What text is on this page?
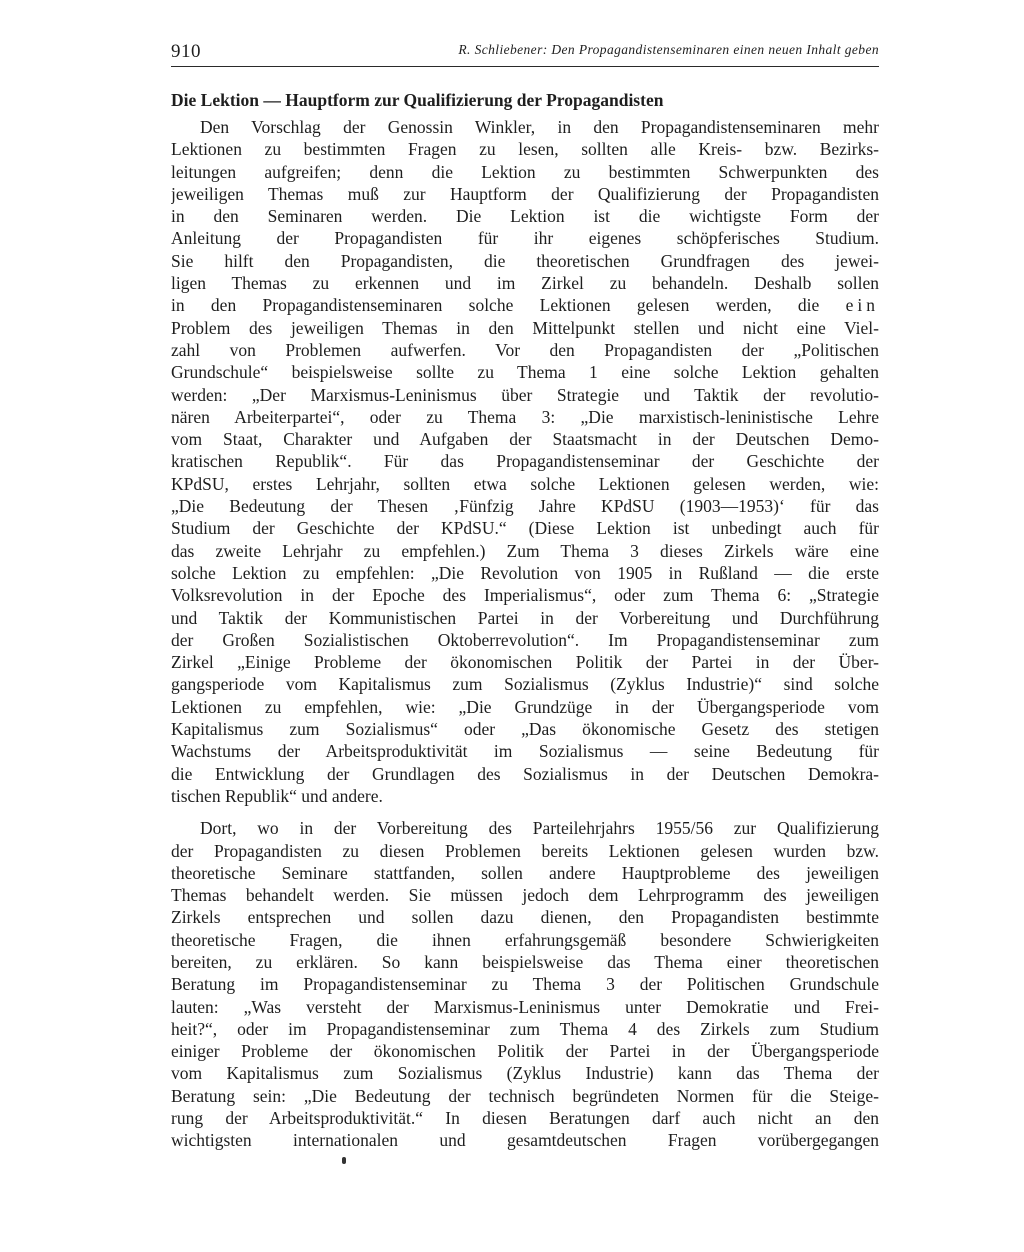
910	R. Schliebener: Den Propagandistenseminaren einen neuen Inhalt geben
Die Lektion — Hauptform zur Qualifizierung der Propagandisten
Den Vorschlag der Genossin Winkler, in den Propagandistenseminaren mehr
Lektionen zu bestimmten Fragen zu lesen, sollten alle Kreis- bzw. Bezirks-
leitungen aufgreifen; denn die Lektion zu bestimmten Schwerpunkten des
jeweiligen Themas muß zur Hauptform der Qualifizierung der Propagandisten
in den Seminaren werden. Die Lektion ist die wichtigste Form der
Anleitung der Propagandisten für ihr eigenes schöpferisches Studium.
Sie hilft den Propagandisten, die theoretischen Grundfragen des jewei-
ligen Themas zu erkennen und im Zirkel zu behandeln. Deshalb sollen
in den Propagandistenseminaren solche Lektionen gelesen werden, die ein
Problem des jeweiligen Themas in den Mittelpunkt stellen und nicht eine Viel-
zahl von Problemen aufwerfen. Vor den Propagandisten der „Politischen
Grundschule“ beispielsweise sollte zu Thema 1 eine solche Lektion gehalten
werden: „Der Marxismus-Leninismus über Strategie und Taktik der revolutio-
nären Arbeiterpartei“, oder zu Thema 3: „Die marxistisch-leninistische Lehre
vom Staat, Charakter und Aufgaben der Staatsmacht in der Deutschen Demo-
kratischen Republik“. Für das Propagandistenseminar der Geschichte der
KPdSU, erstes Lehrjahr, sollten etwa solche Lektionen gelesen werden, wie:
„Die Bedeutung der Thesen ‚Fünfzig Jahre KPdSU (1903—1953)‘ für das
Studium der Geschichte der KPdSU.“ (Diese Lektion ist unbedingt auch für
das zweite Lehrjahr zu empfehlen.) Zum Thema 3 dieses Zirkels wäre eine
solche Lektion zu empfehlen: „Die Revolution von 1905 in Rußland — die erste
Volksrevolution in der Epoche des Imperialismus“, oder zum Thema 6: „Strategie
und Taktik der Kommunistischen Partei in der Vorbereitung und Durchführung
der Großen Sozialistischen Oktoberrevolution“. Im Propagandistenseminar zum
Zirkel „Einige Probleme der ökonomischen Politik der Partei in der Über-
gangsperiode vom Kapitalismus zum Sozialismus (Zyklus Industrie)“ sind solche
Lektionen zu empfehlen, wie: „Die Grundzüge in der Übergangsperiode vom
Kapitalismus zum Sozialismus“ oder „Das ökonomische Gesetz des stetigen
Wachstums der Arbeitsproduktivität im Sozialismus — seine Bedeutung für
die Entwicklung der Grundlagen des Sozialismus in der Deutschen Demokra-
tischen Republik“ und andere.
Dort, wo in der Vorbereitung des Parteilehrjahrs 1955/56 zur Qualifizierung
der Propagandisten zu diesen Problemen bereits Lektionen gelesen wurden bzw.
theoretische Seminare stattfanden, sollen andere Hauptprobleme des jeweiligen
Themas behandelt werden. Sie müssen jedoch dem Lehrprogramm des jeweiligen
Zirkels entsprechen und sollen dazu dienen, den Propagandisten bestimmte
theoretische Fragen, die ihnen erfahrungsgemäß besondere Schwierigkeiten
bereiten, zu erklären. So kann beispielsweise das Thema einer theoretischen
Beratung im Propagandistenseminar zu Thema 3 der Politischen Grundschule
lauten: „Was versteht der Marxismus-Leninismus unter Demokratie und Frei-
heit?“, oder im Propagandistenseminar zum Thema 4 des Zirkels zum Studium
einiger Probleme der ökonomischen Politik der Partei in der Übergangsperiode
vom Kapitalismus zum Sozialismus (Zyklus Industrie) kann das Thema der
Beratung sein: „Die Bedeutung der technisch begründeten Normen für die Steige-
rung der Arbeitsproduktivität.“ In diesen Beratungen darf auch nicht an den
wichtigsten internationalen und gesamtdeutschen Fragen vorübergegangen
